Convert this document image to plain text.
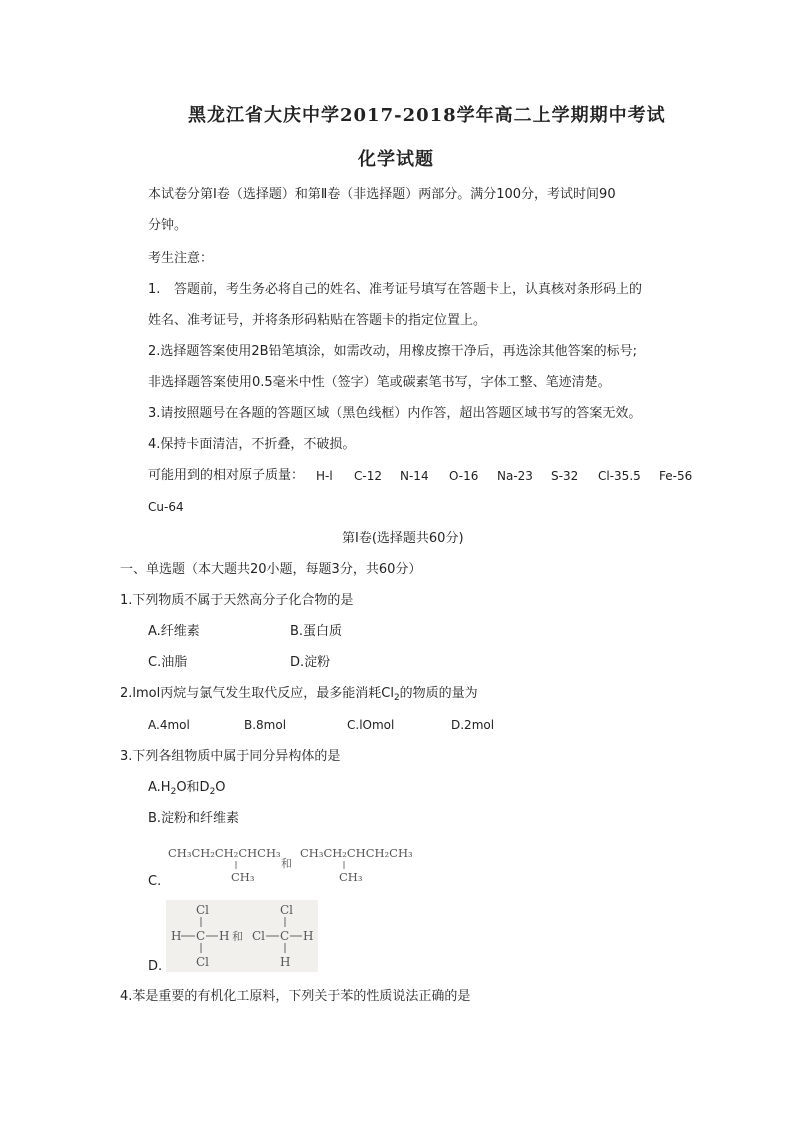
黑龙江省大庆中学2017-2018学年高二上学期期中考试
化学试题
本试卷分第Ⅰ卷（选择题）和第Ⅱ卷（非选择题）两部分。满分100分，考试时间90
分钟。
考生注意：
1. 答题前，考生务必将自己的姓名、准考证号填写在答题卡上，认真核对条形码上的
姓名、准考证号，并将条形码粘贴在答题卡的指定位置上。
2.选择题答案使用2B铅笔填涂，如需改动，用橡皮擦干净后，再选涂其他答案的标号;
非选择题答案使用0.5毫米中性（签字）笔或碳素笔书写，字体工整、笔迹清楚。
3.请按照题号在各题的答题区域（黑色线框）内作答，超出答题区域书写的答案无效。
4.保持卡面清洁，不折叠，不破损。
可能用到的相对原子质量： H-l C-12 N-14 O-16 Na-23 S-32 Cl-35.5 Fe-56
Cu-64
第Ⅰ卷(选择题共60分)
一、单选题（本大题共20小题，每题3分，共60分）
1.下列物质不属于天然高分子化合物的是
A.纤维素	B.蛋白质
C.油脂	D.淀粉
2.lmol丙烷与氯气发生取代反应，最多能消耗$Cl_2$的物质的量为
A.4mol	B.8mol	C.lOmol	D.2mol
3.下列各组物质中属于同分异构体的是
$A.H_2O$和$D_2O$
B.淀粉和纤维素
CH₃CH₂CH₂CHCH₃
CH₃
和
CH₃CH₂CHCH₂CH₃
CH₃
C.
Cl
H C H
Cl
和
Cl
Cl C H
H
D.
4.苯是重要的有机化工原料，下列关于苯的性质说法正确的是
